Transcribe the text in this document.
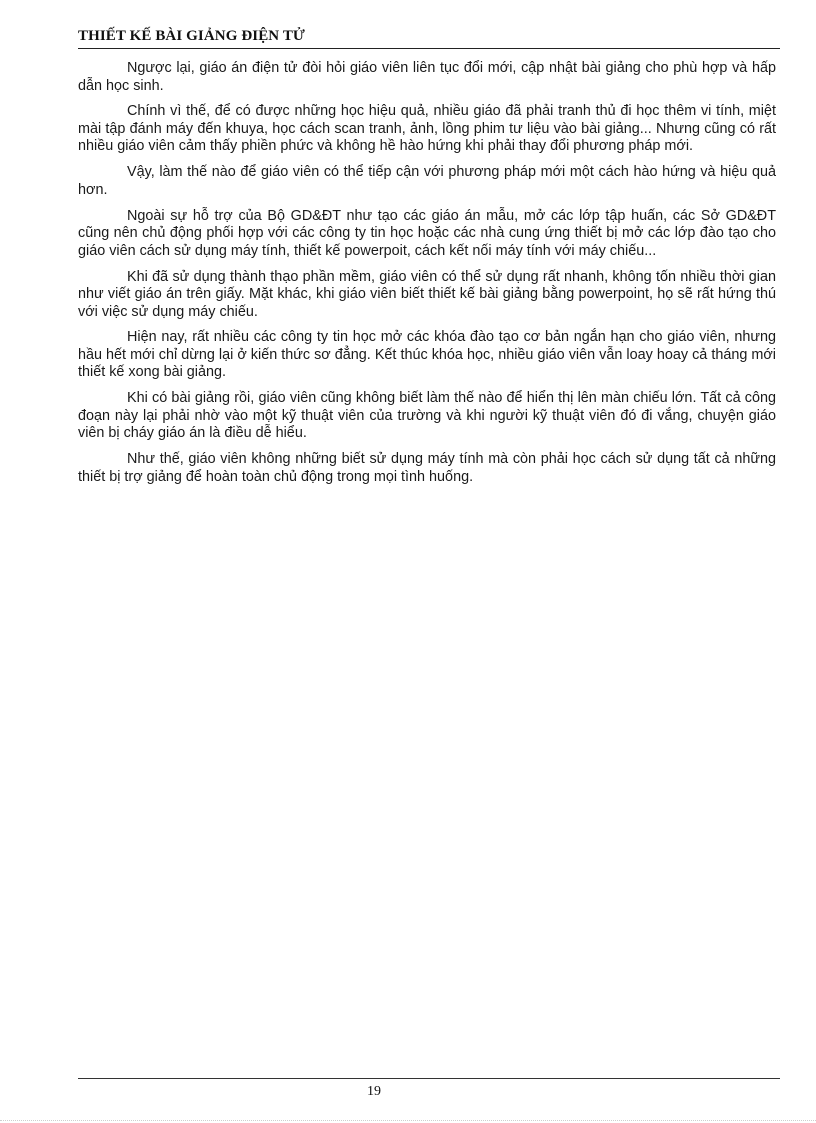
THIẾT KẾ BÀI GIẢNG ĐIỆN TỬ

Ngược lại, giáo án điện tử đòi hỏi giáo viên liên tục đổi mới, cập nhật bài giảng cho phù hợp và hấp dẫn học sinh.

Chính vì thế, để có được những học hiệu quả, nhiều giáo đã phải tranh thủ đi học thêm vi tính, miệt mài tập đánh máy đến khuya, học cách scan tranh, ảnh, lồng phim tư liệu vào bài giảng... Nhưng cũng có rất nhiều giáo viên cảm thấy phiền phức và không hề hào hứng khi phải thay đổi phương pháp mới.

Vậy, làm thế nào để giáo viên có thể tiếp cận với phương pháp mới một cách hào hứng và hiệu quả hơn.

Ngoài sự hỗ trợ của Bộ GD&ĐT như tạo các giáo án mẫu, mở các lớp tập huấn, các Sở GD&ĐT cũng nên chủ động phối hợp với các công ty tin học hoặc các nhà cung ứng thiết bị mở các lớp đào tạo cho giáo viên cách sử dụng máy tính, thiết kế powerpoit, cách kết nối máy tính với máy chiếu...

Khi đã sử dụng thành thạo phần mềm, giáo viên có thể sử dụng rất nhanh, không tốn nhiều thời gian như viết giáo án trên giấy. Mặt khác, khi giáo viên biết thiết kế bài giảng bằng powerpoint, họ sẽ rất hứng thú với việc sử dụng máy chiếu.

Hiện nay, rất nhiều các công ty tin học mở các khóa đào tạo cơ bản ngắn hạn cho giáo viên, nhưng hầu hết mới chỉ dừng lại ở kiến thức sơ đẳng. Kết thúc khóa học, nhiều giáo viên vẫn loay hoay cả tháng mới thiết kế xong bài giảng.

Khi có bài giảng rồi, giáo viên cũng không biết làm thế nào để hiển thị lên màn chiếu lớn. Tất cả công đoạn này lại phải nhờ vào một kỹ thuật viên của trường và khi người kỹ thuật viên đó đi vắng, chuyện giáo viên bị cháy giáo án là điều dễ hiểu.

Như thế, giáo viên không những biết sử dụng máy tính mà còn phải học cách sử dụng tất cả những thiết bị trợ giảng để hoàn toàn chủ động trong mọi tình huống.

19
